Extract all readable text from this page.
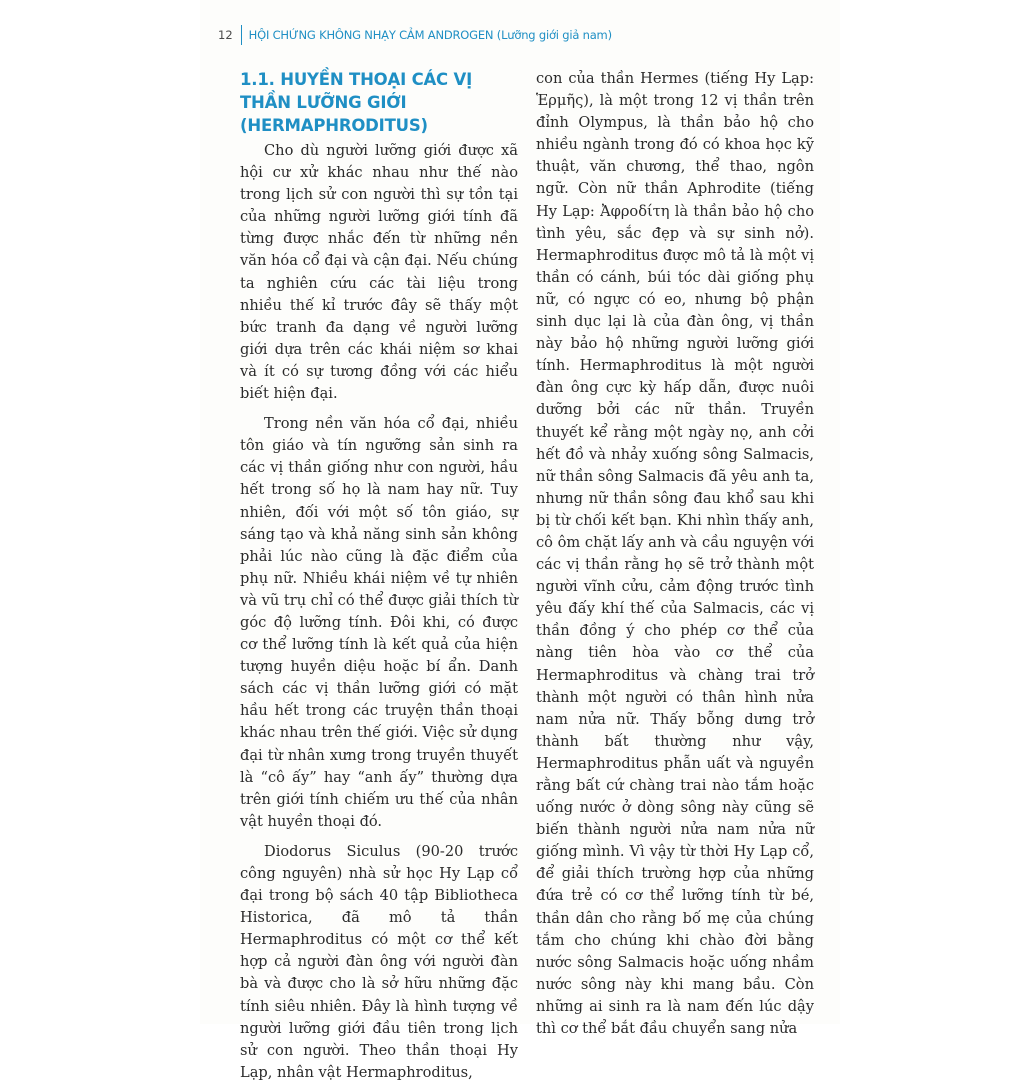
12	HỘI CHỨNG KHÔNG NHẠY CẢM ANDROGEN (Lưỡng giới giả nam)
1.1. HUYỀN THOẠI CÁC VỊ THẦN LƯỠNG GIỚI (HERMAPHRODITUS)

Cho dù người lưỡng giới được xã hội cư xử khác nhau như thế nào trong lịch sử con người thì sự tồn tại của những người lưỡng giới tính đã từng được nhắc đến từ những nền văn hóa cổ đại và cận đại. Nếu chúng ta nghiên cứu các tài liệu trong nhiều thế kỉ trước đây sẽ thấy một bức tranh đa dạng về người lưỡng giới dựa trên các khái niệm sơ khai và ít có sự tương đồng với các hiểu biết hiện đại.

Trong nền văn hóa cổ đại, nhiều tôn giáo và tín ngưỡng sản sinh ra các vị thần giống như con người, hầu hết trong số họ là nam hay nữ. Tuy nhiên, đối với một số tôn giáo, sự sáng tạo và khả năng sinh sản không phải lúc nào cũng là đặc điểm của phụ nữ. Nhiều khái niệm về tự nhiên và vũ trụ chỉ có thể được giải thích từ góc độ lưỡng tính. Đôi khi, có được cơ thể lưỡng tính là kết quả của hiện tượng huyền diệu hoặc bí ẩn. Danh sách các vị thần lưỡng giới có mặt hầu hết trong các truyện thần thoại khác nhau trên thế giới. Việc sử dụng đại từ nhân xưng trong truyền thuyết là “cô ấy” hay “anh ấy” thường dựa trên giới tính chiếm ưu thế của nhân vật huyền thoại đó.

Diodorus Siculus (90-20 trước công nguyên) nhà sử học Hy Lạp cổ đại trong bộ sách 40 tập Bibliotheca Historica, đã mô tả thần Hermaphroditus có một cơ thể kết hợp cả người đàn ông với người đàn bà và được cho là sở hữu những đặc tính siêu nhiên. Đây là hình tượng về người lưỡng giới đầu tiên trong lịch sử con người. Theo thần thoại Hy Lạp, nhân vật Hermaphroditus,

con của thần Hermes (tiếng Hy Lạp: Ἑρμῆς), là một trong 12 vị thần trên đỉnh Olympus, là thần bảo hộ cho nhiều ngành trong đó có khoa học kỹ thuật, văn chương, thể thao, ngôn ngữ. Còn nữ thần Aphrodite (tiếng Hy Lạp: Ἀφροδίτη là thần bảo hộ cho tình yêu, sắc đẹp và sự sinh nở). Hermaphroditus được mô tả là một vị thần có cánh, búi tóc dài giống phụ nữ, có ngực có eo, nhưng bộ phận sinh dục lại là của đàn ông, vị thần này bảo hộ những người lưỡng giới tính. Hermaphroditus là một người đàn ông cực kỳ hấp dẫn, được nuôi dưỡng bởi các nữ thần. Truyền thuyết kể rằng một ngày nọ, anh cởi hết đồ và nhảy xuống sông Salmacis, nữ thần sông Salmacis đã yêu anh ta, nhưng nữ thần sông đau khổ sau khi bị từ chối kết bạn. Khi nhìn thấy anh, cô ôm chặt lấy anh và cầu nguyện với các vị thần rằng họ sẽ trở thành một người vĩnh cửu, cảm động trước tình yêu đấy khí thế của Salmacis, các vị thần đồng ý cho phép cơ thể của nàng tiên hòa vào cơ thể của Hermaphroditus và chàng trai trở thành một người có thân hình nửa nam nửa nữ. Thấy bỗng dưng trở thành bất thường như vậy, Hermaphroditus phẫn uất và nguyền rằng bất cứ chàng trai nào tắm hoặc uống nước ở dòng sông này cũng sẽ biến thành người nửa nam nửa nữ giống mình. Vì vậy từ thời Hy Lạp cổ, để giải thích trường hợp của những đứa trẻ có cơ thể lưỡng tính từ bé, thần dân cho rằng bố mẹ của chúng tắm cho chúng khi chào đời bằng nước sông Salmacis hoặc uống nhầm nước sông này khi mang bầu. Còn những ai sinh ra là nam đến lúc dậy thì cơ thể bắt đầu chuyển sang nửa
